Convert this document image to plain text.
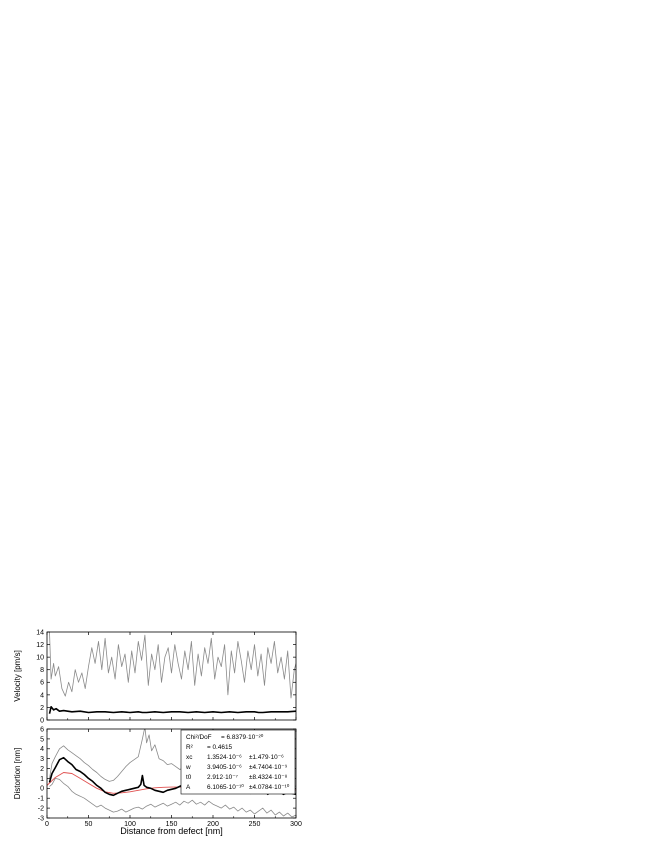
0
2
4
6
8
10
12
14
Velocity [pm/s]
0	50	100	150	200	250	300
-3
-2
-1
0
1
2
3
4
5
6
Distortion [nm]
Chi²/DoF = 6.8379·10⁻²⁰
R² = 0.4615
xc 1.3524·10⁻⁶ ±1.479·10⁻⁶
w	3.9405·10⁻⁶ ±4.7404·10⁻⁹
t0 2.912·10⁻⁷ ±8.4324·10⁻⁸
A	6.1065·10⁻¹⁰ ±4.0784·10⁻¹⁰
Distance from defect [nm]
